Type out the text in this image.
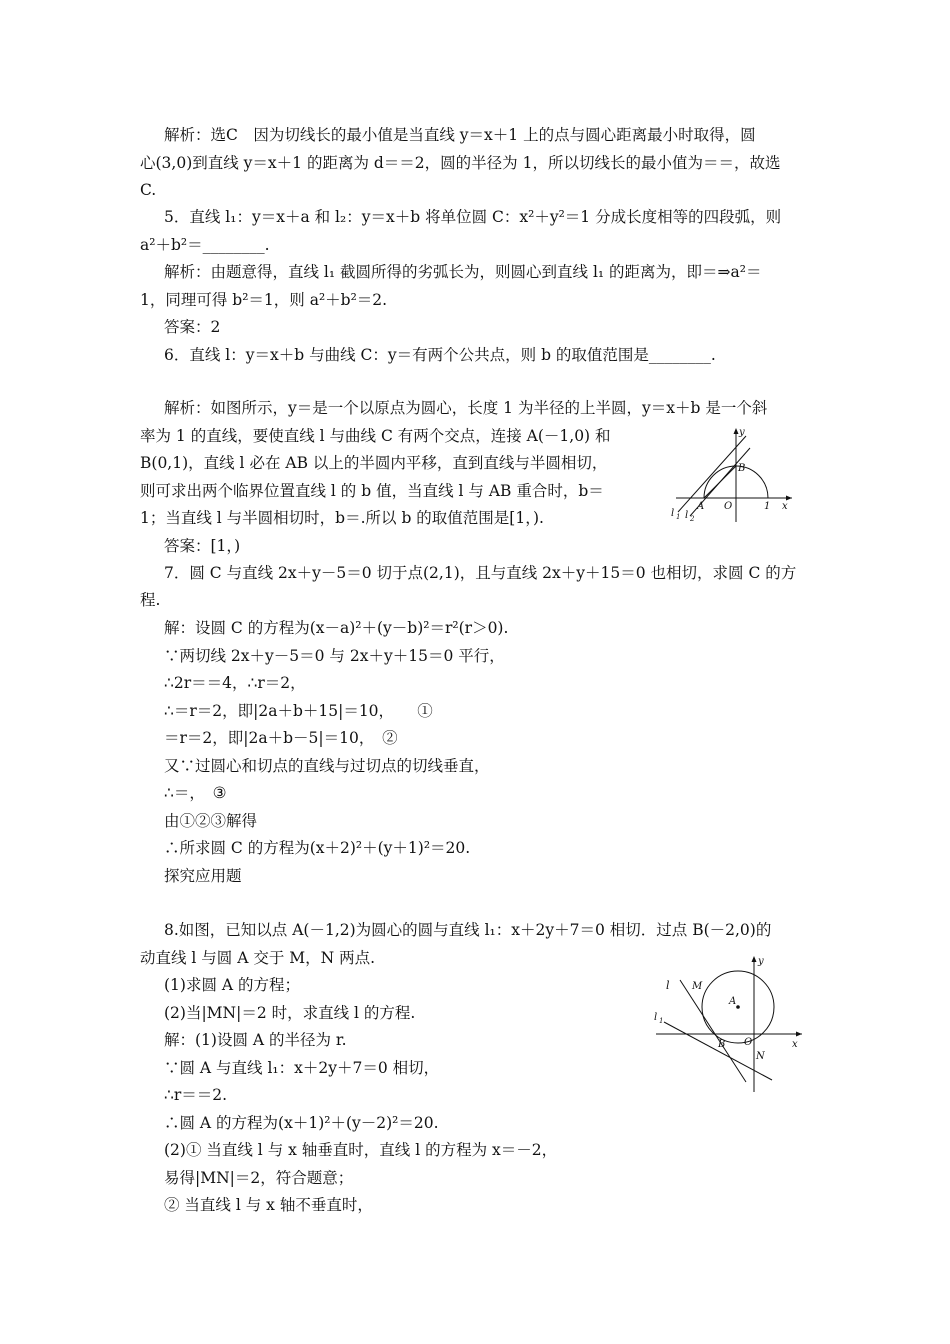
解析：选C　因为切线长的最小值是当直线 y＝x＋1 上的点与圆心距离最小时取得，圆
心(3,0)到直线 y＝x＋1 的距离为 d＝＝2，圆的半径为 1，所以切线长的最小值为＝＝，故选
C.
5．直线 l₁：y＝x＋a 和 l₂：y＝x＋b 将单位圆 C：x²＋y²＝1 分成长度相等的四段弧，则
a²＋b²＝________.
解析：由题意得，直线 l₁ 截圆所得的劣弧长为，则圆心到直线 l₁ 的距离为，即＝⇒a²＝
1，同理可得 b²＝1，则 a²＋b²＝2.
答案：2
6．直线 l：y＝x＋b 与曲线 C：y＝有两个公共点，则 b 的取值范围是________.
解析：如图所示，y＝是一个以原点为圆心，长度 1 为半径的上半圆，y＝x＋b 是一个斜
率为 1 的直线，要使直线 l 与曲线 C 有两个交点，连接 A(－1,0) 和
B(0,1)，直线 l 必在 AB 以上的半圆内平移，直到直线与半圆相切，
则可求出两个临界位置直线 l 的 b 值，当直线 l 与 AB 重合时，b＝
1；当直线 l 与半圆相切时，b＝.所以 b 的取值范围是[1，).
答案：[1，)
7．圆 C 与直线 2x＋y－5＝0 切于点(2,1)，且与直线 2x＋y＋15＝0 也相切，求圆 C 的方
程.
解：设圆 C 的方程为(x－a)²＋(y－b)²＝r²(r＞0).
∵两切线 2x＋y－5＝0 与 2x＋y＋15＝0 平行，
∴2r＝＝4，∴r＝2，
∴＝r＝2，即|2a＋b＋15|＝10，　　①
＝r＝2，即|2a＋b－5|＝10，　②
又∵过圆心和切点的直线与过切点的切线垂直，
∴＝，　③
由①②③解得
∴所求圆 C 的方程为(x＋2)²＋(y＋1)²＝20.
探究应用题
8.如图，已知以点 A(－1,2)为圆心的圆与直线 l₁：x＋2y＋7＝0 相切．过点 B(－2,0)的
动直线 l 与圆 A 交于 M，N 两点.
(1)求圆 A 的方程；
(2)当|MN|＝2 时，求直线 l 的方程.
解：(1)设圆 A 的半径为 r.
∵圆 A 与直线 l₁：x＋2y＋7＝0 相切，
∴r＝＝2.
∴圆 A 的方程为(x＋1)²＋(y－2)²＝20.
(2)① 当直线 l 与 x 轴垂直时，直线 l 的方程为 x＝－2，
易得|MN|＝2，符合题意；
② 当直线 l 与 x 轴不垂直时，
y
x
B
A O	1
l 1 l 2
y
x
l M
A
l 1
B O
N
